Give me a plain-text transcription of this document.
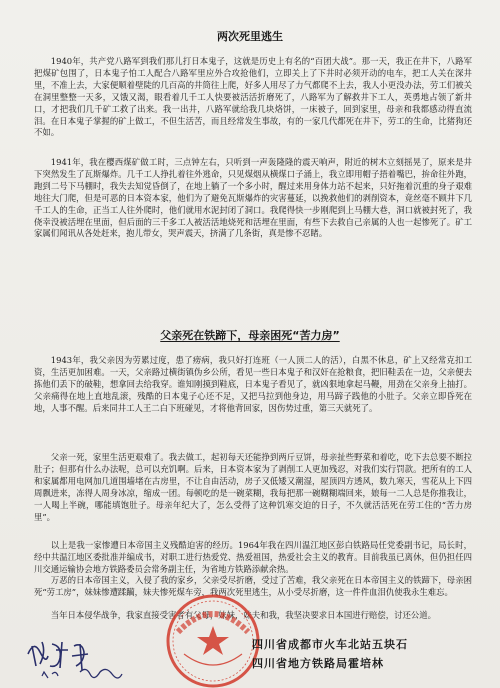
两次死里逃生

1940年，共产党八路军到我们那儿打日本鬼子，这就是历史上有名的“百团大战”。那一天，我正在井下，八路军把煤矿包围了，日本鬼子怕工人配合八路军里应外合攻抢他们，立即关上了下井时必须开动的电车，把工人关在深井里，不准上去，大家便顺着壁陡的几百高的井筒往上爬，好多人用尽了力气都爬不上去，我人小更没办法，劳工们被关在洞里整整一天多，又饿又渴，眼看着几千工人快要被活活折磨死了，八路军为了解救井下工人，英勇地占领了新井口，才把我们几千矿工救了出来。我一出井，八路军就给我几块烙饼，一床被子，回到家里，母亲和我都感动得直流泪。在日本鬼子掌握的矿上做工，不但生活苦，而且经常发生事故，有的一家几代都死在井下，劳工的生命，比猪狗还不如。

1941年，我在樱西煤矿做工时，三点钟左右，只听到一声轰隆隆的震天响声，附近的树木立刻摇晃了，原来是井下突然发生了瓦斯爆炸。几千工人挣扎着往外逃命，只见煤烟从横煤口子涌上，我立即用帽子捂着嘴巴，拚命往外跑，跑到二号下马棚时，我失去知觉昏倒了，在地上躺了一个多小时，醒过来用身体力站不起来，只好拖着沉重的身子艰难地往大门爬，但是可恶的日本资本家，他们为了避免瓦斯爆炸的灾害蔓延，以挽救他们的剥削资本，竟丝毫不顾井下几千工人的生命，正当工人往外爬时，他们就用水泥封闭了洞口。我爬得快一步刚爬到上马棚大巷，洞口就被封死了，我侥幸没被活埋在里面，但后面的三千多工人被活活地烧死和活埋在里面，有些下去救自己亲属的人也一起惨死了。矿工家属们闻讯从各处赶来，抱儿带女，哭声震天，挤满了几条街，真是惨不忍睹。

父亲死在铁蹄下，母亲困死“苦力房”

1943年，我父亲因为劳累过度，患了痨病，我只好打连班（一人顶二人的活），白黑不休息，矿上又经常克扣工资，生活更加困难。一天，父亲路过横街镇伪乡公所，看见一些日本鬼子和汉奸在抢粮食，把旧鞋丢在一边，父亲便去拣他们丢下的破鞋，想拿回去给我穿。谁知刚摸到鞋底，日本鬼子看见了，就凶狠地拿起马鞭，用劲在父亲身上抽打。父亲痛得在地上直地乱滚，残酷的日本鬼子心还不足，又把马拉到他身边，用马蹄子践他的小肚子。父亲立即昏死在地，人事不醒。后来同井工人王二白下班碰见，才将他背回家，因伤势过重，第三天就死了。

父亲一死，家里生活更艰难了。我去做工，起初每天还能挣到两斤豆饼，母亲扯些野菜和着吃，吃下去总要不断拉肚子；但那有什么办法呢，总可以充饥啊。后来，日本资本家为了剥削工人更加残忍，对我们实行罚款。把所有的工人和家属都用电网加几道围墙堵在古房里，不让自由活动，房子又低矮又潮湿，屋顶四方透风，数九寒天，雪花从上下四周飘进来，冻得人周身冰凉，缩成一团。每顿吃的是一碗菜糊，我每把那一碗糊糊端回来，娘每一二人总是你推我让，一人喝上半碗，哪能填饱肚子。母亲年纪大了，怎么受得了这种饥寒交迫的日子，不久就活活死在劳工住的“苦力房里”。

以上是我一家惨遭日本帝国主义残酷迫害的经历。1964年我在四川温江地区彭白铁路局任党委副书记，局长时，经中共温江地区委批准并编成书，对职工进行热爱党、热爱祖国，热爱社会主义的教育。目前我虽已离休，但仍担任四川交通运输协会地方铁路委员会常务副主任，为省地方铁路添献余热。

万恶的日本帝国主义，入侵了我的家乡，父亲受尽折磨，受过了苦难，我父亲死在日本帝国主义的铁蹄下，母亲困死“劳工房”，妹妹惨遭蹂躏，妹夫惨死煤车旁，我两次死里逃生，从小受尽折磨，这一件件血泪仇使我永生难忘。

当年日本侵华战争，我家直接受害者有父母，妹妹，妹夫和我，我坚决要求日本国进行赔偿，讨还公道。

四川省成都市火车北站五块石
四川省地方铁路局霍培林
